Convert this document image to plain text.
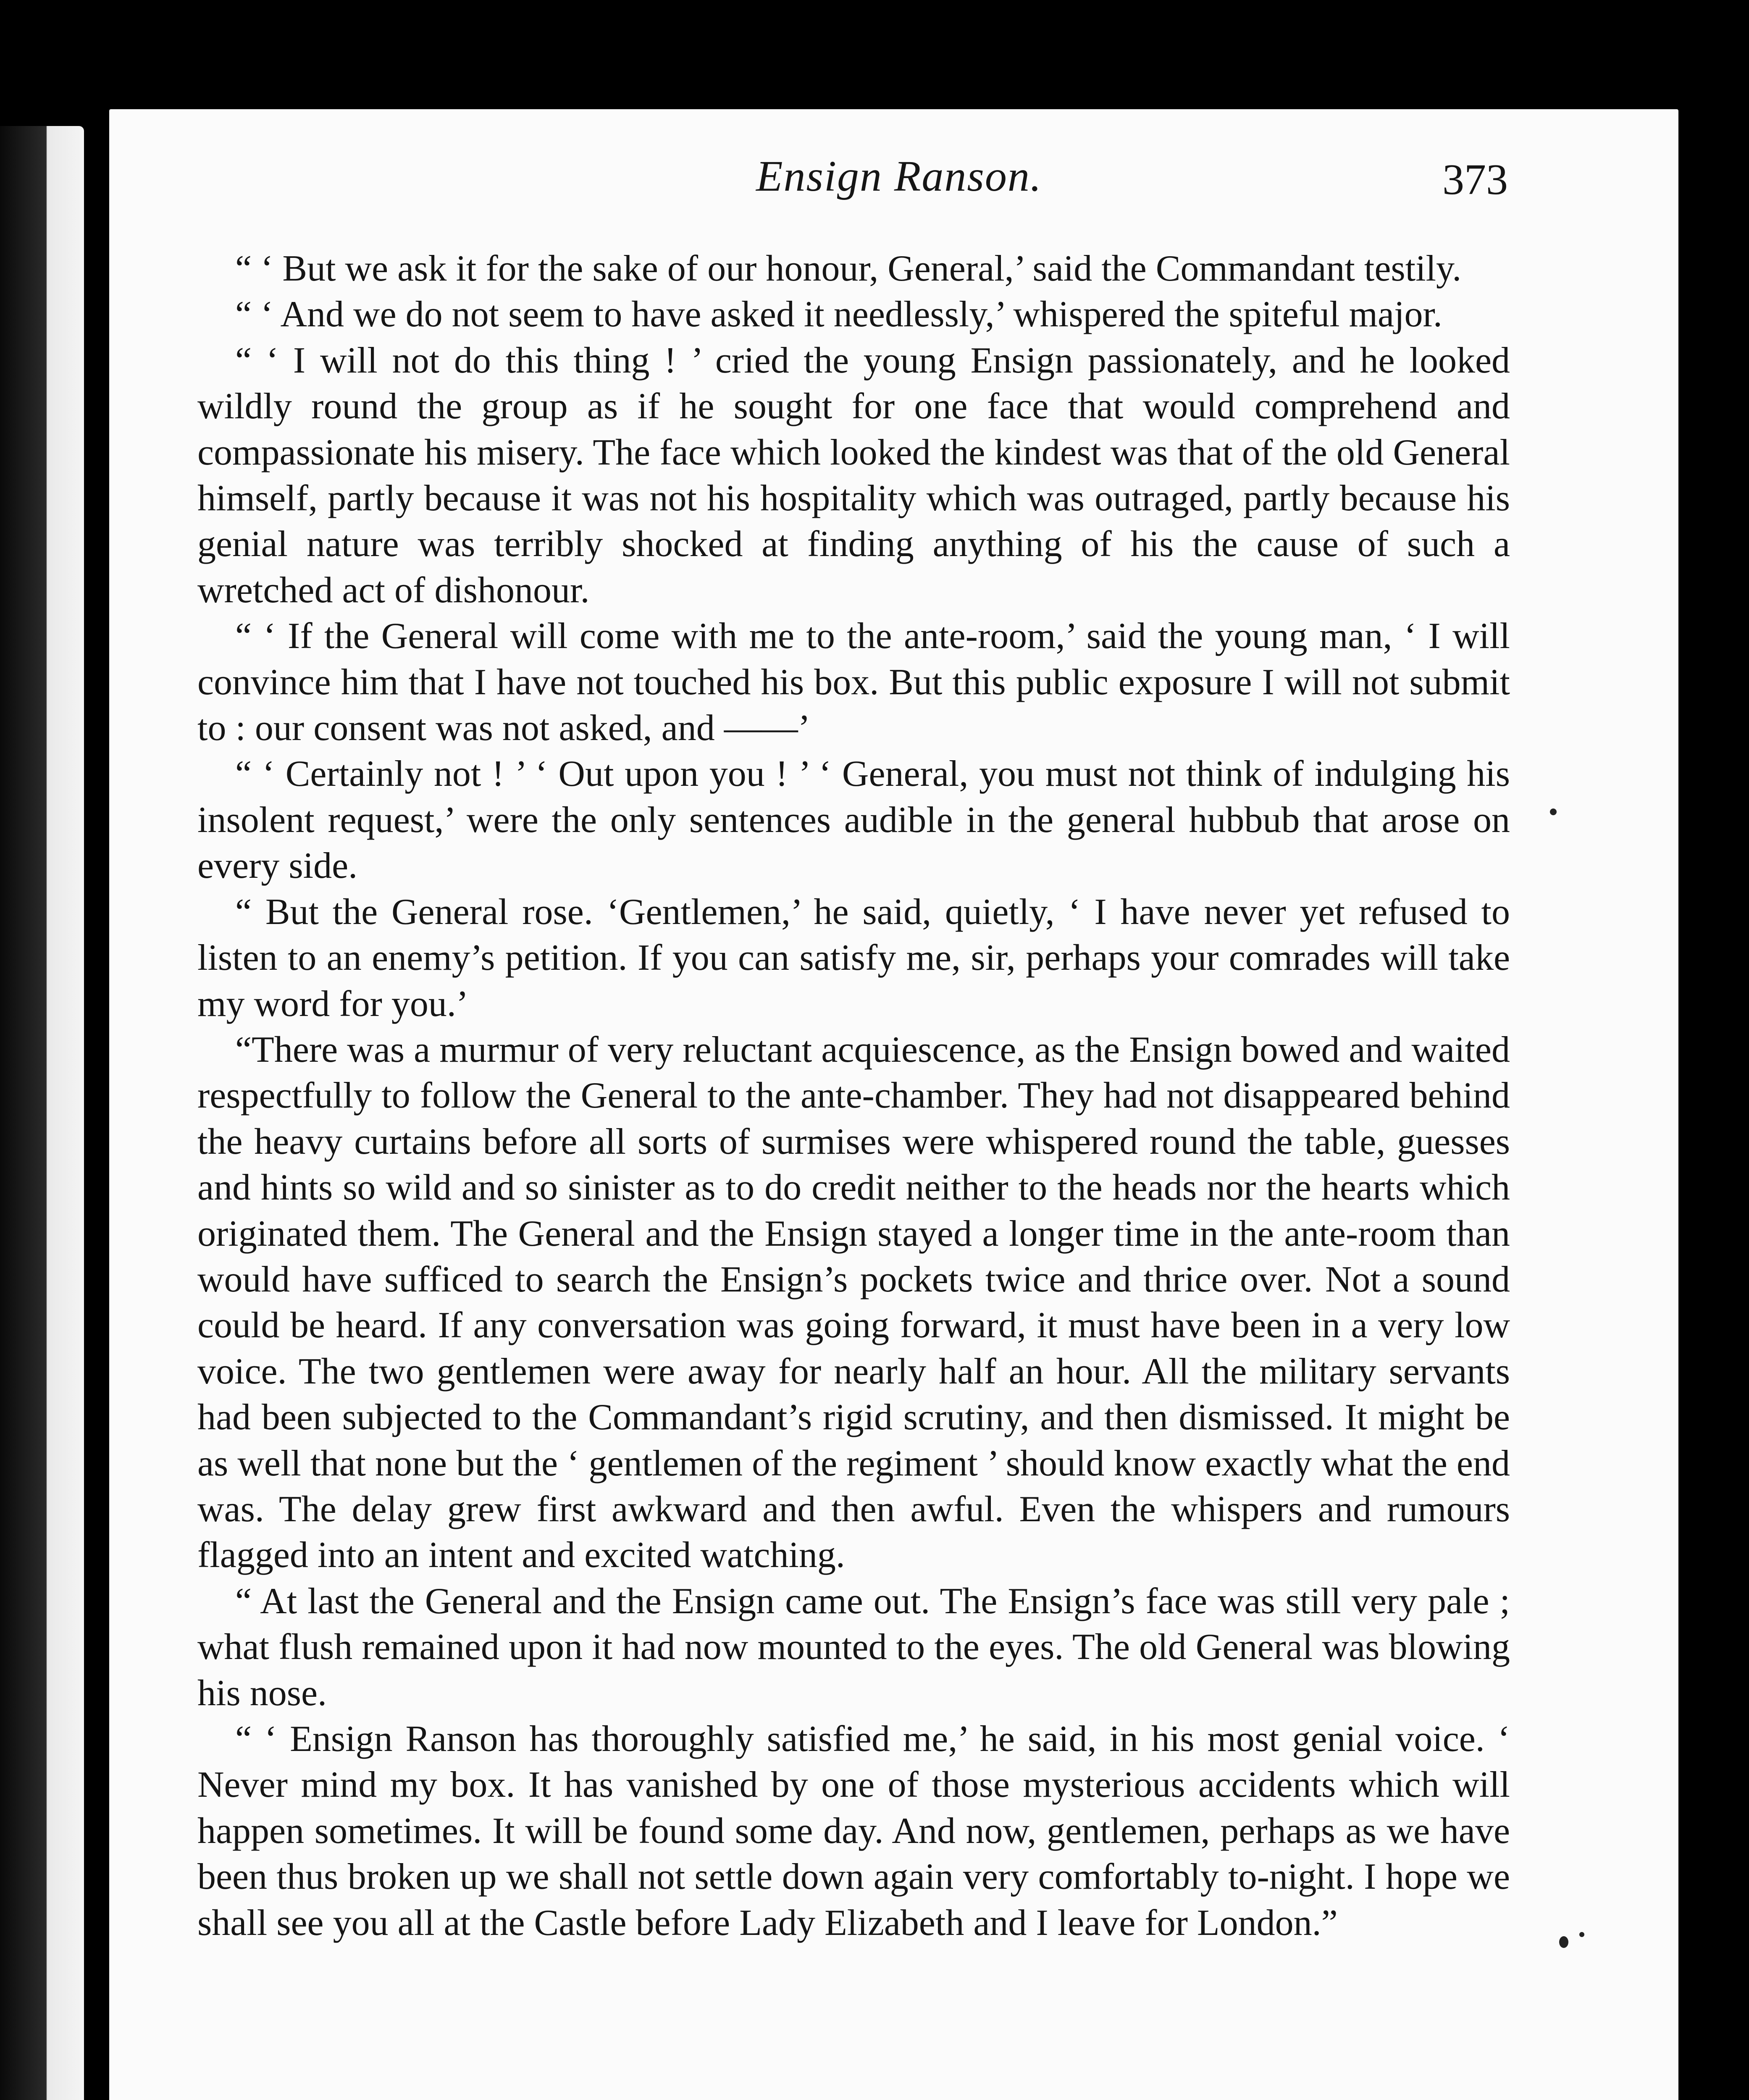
Ensign Ranson.	373

“ ‘ But we ask it for the sake of our honour, General,’ said the Commandant testily.

“ ‘ And we do not seem to have asked it needlessly,’ whispered the spiteful major.

“ ‘ I will not do this thing ! ’ cried the young Ensign passionately, and he looked wildly round the group as if he sought for one face that would comprehend and compassionate his misery. The face which looked the kindest was that of the old General himself, partly because it was not his hospitality which was outraged, partly because his genial nature was terribly shocked at finding anything of his the cause of such a wretched act of dishonour.

“ ‘ If the General will come with me to the ante-room,’ said the young man, ‘ I will convince him that I have not touched his box. But this public exposure I will not submit to : our consent was not asked, and ——’

“ ‘ Certainly not ! ’ ‘ Out upon you ! ’ ‘ General, you must not think of indulging his insolent request,’ were the only sentences audible in the general hubbub that arose on every side.

“ But the General rose. ‘Gentlemen,’ he said, quietly, ‘ I have never yet refused to listen to an enemy’s petition. If you can satisfy me, sir, perhaps your comrades will take my word for you.’

“There was a murmur of very reluctant acquiescence, as the Ensign bowed and waited respectfully to follow the General to the ante-chamber. They had not disappeared behind the heavy curtains before all sorts of surmises were whispered round the table, guesses and hints so wild and so sinister as to do credit neither to the heads nor the hearts which originated them. The General and the Ensign stayed a longer time in the ante-room than would have sufficed to search the Ensign’s pockets twice and thrice over. Not a sound could be heard. If any conversation was going forward, it must have been in a very low voice. The two gentlemen were away for nearly half an hour. All the military servants had been subjected to the Commandant’s rigid scrutiny, and then dismissed. It might be as well that none but the ‘ gentlemen of the regiment ’ should know exactly what the end was. The delay grew first awkward and then awful. Even the whispers and rumours flagged into an intent and excited watching.

“ At last the General and the Ensign came out. The Ensign’s face was still very pale ; what flush remained upon it had now mounted to the eyes. The old General was blowing his nose.

“ ‘ Ensign Ranson has thoroughly satisfied me,’ he said, in his most genial voice. ‘ Never mind my box. It has vanished by one of those mysterious accidents which will happen sometimes. It will be found some day. And now, gentlemen, perhaps as we have been thus broken up we shall not settle down again very comfortably to-night. I hope we shall see you all at the Castle before Lady Elizabeth and I leave for London.”
